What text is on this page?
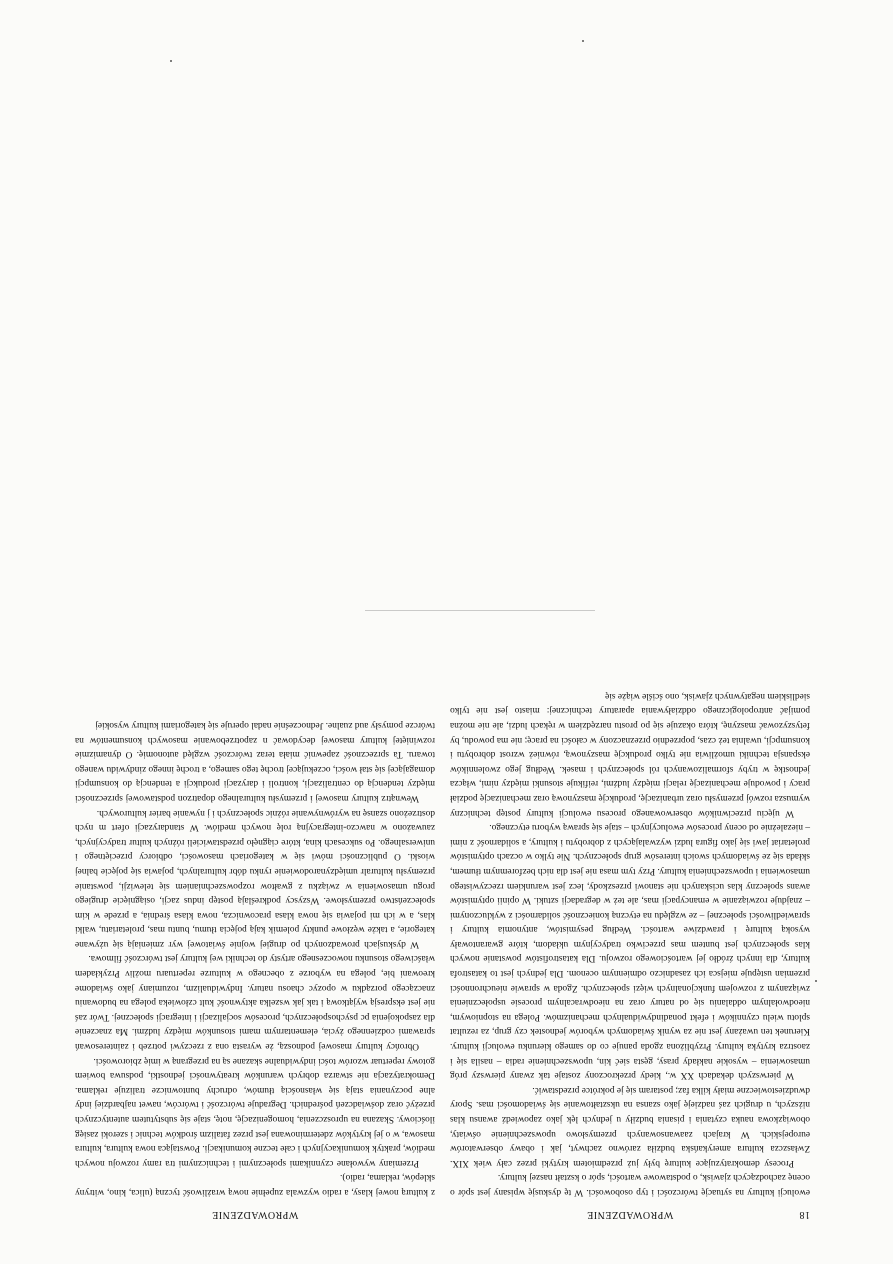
18
WPROWADZENIE

ewolucji kultury na sytuację twórczości i typ osobowości. W tę dyskusję wpisany jest spór o ocenę zachodzących zjawisk, o podstawowe wartości, spór o kształt naszej kultury.

Procesy demokratyzujące kulturę były już przedmiotem krytyki przez cały wiek XIX. Zwłaszcza kultura amerykańska budziła zarówno zachwyt, jak i obawy obserwatorów europejskich. W krajach zaawansowanych przemysłowo upowszechnienie oświaty, obowiązkowa nauka czytania i pisania budziły u jednych lęk jako zapowiedź awansu klas niższych, u drugich zaś nadzieję jako szansa na ukształtowanie się świadomości mas. Spory dwudziestowieczne miały kilka faz; postaram się je pokrótce przedstawić.

W pierwszych dekadach XX w., kiedy przekroczony zostaje tak zwany pierwszy próg umasowienia – wysokie nakłady prasy, gęsta sieć kin, upowszechnienie radia – nasila się i zaostrza krytyka kultury. Przybliżona zgoda panuje co do samego kierunku ewolucji kultury. Kierunek ten uważany jest nie za wynik świadomych wyborów jednostek czy grup, za rezultat splotu wielu czynników i efekt ponadindywidualnych mechanizmów. Polega na stopniowym, nieodwołalnym oddalaniu się od natury oraz na nieodwracalnym procesie uspołecznienia związanym z rozwojem funkcjonalnych więzi społecznych. Zgoda w sprawie nieuchronności przemian ustępuje miejsca ich zasadniczo odmiennym ocenom. Dla jednych jest to katastrofa kultury, dla innych źródło jej wartościowego rozwoju. Dla katastrofistów powstanie nowych klas społecznych jest buntem mas przeciwko tradycyjnym układom, które gwarantowały wysoką kulturę i prawdziwe wartości. Według pesymistów, antynomia kultury i sprawiedliwości społecznej – ze względu na etyczną konieczność solidarności z wykluczonymi – znajduje rozwiązanie w emancypacji mas, ale też w degradacji sztuki. W opinii optymistów awans społeczny klas uciskanych nie stanowi przeszkody, lecz jest warunkiem rzeczywistego umasowienia i upowszechnienia kultury. Przy tym masa nie jest dla nich bezforemnym tłumem, składa się ze świadomych swoich interesów grup społecznych. Nie tylko w oczach optymistów proletariat jawi się jako figura ludzi wyzwalających z dobrobytu i kultury, a solidarność z nimi – niezależnie od oceny procesów ewolucyjnych – staje się sprawą wyboru etycznego.

W ujęciu przeciwników obserwowanego procesu ewolucji kultury postęp techniczny wymusza rozwój przemysłu oraz urbanizację, produkcję maszynową oraz mechanizację podział pracy i powoduje mechanizację relacji między ludźmi, reifikuje stosunki między nimi, włącza jednostkę w tryby sformalizowanych ról społecznych i masek. Według jego zwolenników ekspansja techniki umożliwia nie tylko produkcję maszynową, również wzrost dobrobytu i konsumpcji, uwalnia też czas, poprzednio przeznaczony w całości na pracę; nie ma powodu, by fetyszyzować maszynę, która okazuje się po prostu narzędziem w rękach ludzi, ale nie można pomijać antropologicznego oddziaływania aparatury technicznej: miasto jest nie tylko siedliskiem negatywnych zjawisk, ono ściśle wiąże się

WPROWADZENIE

z kulturą nowej klasy, a radio wyzwala zupełnie nową wrażliwość tyczną (ulica, kino, witryny sklepów, reklama, radio).

Przemiany wywołane czynnikami społecznymi i technicznymi tra ramy rozwoju nowych mediów, praktyk komunikacyjnych i całe teczne komunikacji. Powstająca nowa kultura, kultura masowa, w o jej krytyków zdeterminowana jest przez fatalizm środków technic i szeroki zasięg ilościowy. Skazana na uproszczenia, homogenizację, notę, staje się substytutem autentycznych przeżyć oraz doświadczeń pośrednich. Degraduje twórczość i twórców, nawet najbardziej indy alne poczynania stają się własnością tłumów, odruchy buntownicze tralizuje reklama. Demokratyzacja nie stwarza dobrych warunków kreatywności jednostki, podsuwa bowiem gotowy repertuar wzorów tości indywidualne skazane są na przegraną w imię zbiorowości.

Obrońcy kultury masowej podnoszą, że wyrasta ona z rzeczywi potrzeb i zainteresowań sprawami codziennego życia, elementarnym mami stosunków między ludźmi. Ma znaczenie dla zaspokojenia pc psychospołecznych, procesów socjalizacji i integracji społecznej. Twór zaś nie jest ekspresją wyjątkową i tak jak wszelka aktywność kult człowieka polega na budowaniu znaczącego porządku w opozyc chaosu natury. Indywidualizm, rozumiany jako świadome kreowani bie, polega na wyborze z obecnego w kulturze repertuaru możliv Przykładem właściwego stosunku nowoczesnego artysty do techniki wej kultury jest twórczość filmowa.

W dyskusjach prowadzonych po drugiej wojnie światowej wyr zmieniają się używane kategorie, a także węzłowe punkty polemik kają pojęcia tłumu, buntu mas, proletariatu, walki klas, a w ich mi pojawia się nowa klasa pracownicza, nowa klasa średnia, a przede w kim społeczeństwo przemysłowe. Wszyscy podkreślają postęp indus zacji, osiągnięcie drugiego progu umasowienia w związku z gwałtow rozpowszechnianiem się telewizji, powstanie przemysłu kulturalr umiędzynarodowienie rynku dóbr kulturalnych, pojawia się pojęcie balnej wioski. O publiczności mówi się w kategoriach masowości, odbiorcy przeciętnego i uniwersalnego. Po sukcesach kina, które ciągnęło przedstawicieli różnych kultur tradycyjnych, zauważono w nawczo-integracyjną rolę nowych mediów. W standaryzacji ofert m nych dostrzeżono szansę na wyrównywanie różnic społecznych i j nywanie barier kulturowych.

Wewnątrz kultury masowej i przemysłu kulturalnego dopatrzon podstawowej sprzeczności między tendencją do centralizacji, kontroli i daryzacji produkcji a tendencją do konsumpcji domagającej się stał wości, oczekującej trochę tego samego, a trochę innego zindywidu wanego towaru. Ta sprzeczność zapewnić miała teraz twórczość względ autonomię. O dynamizmie rozwiniętej kultury masowej decydować n zapotrzebowanie masowych konsumentów na twórcze pomysły aud zualne. Jednocześnie nadal operuje się kategoriami kultury wysokiej
